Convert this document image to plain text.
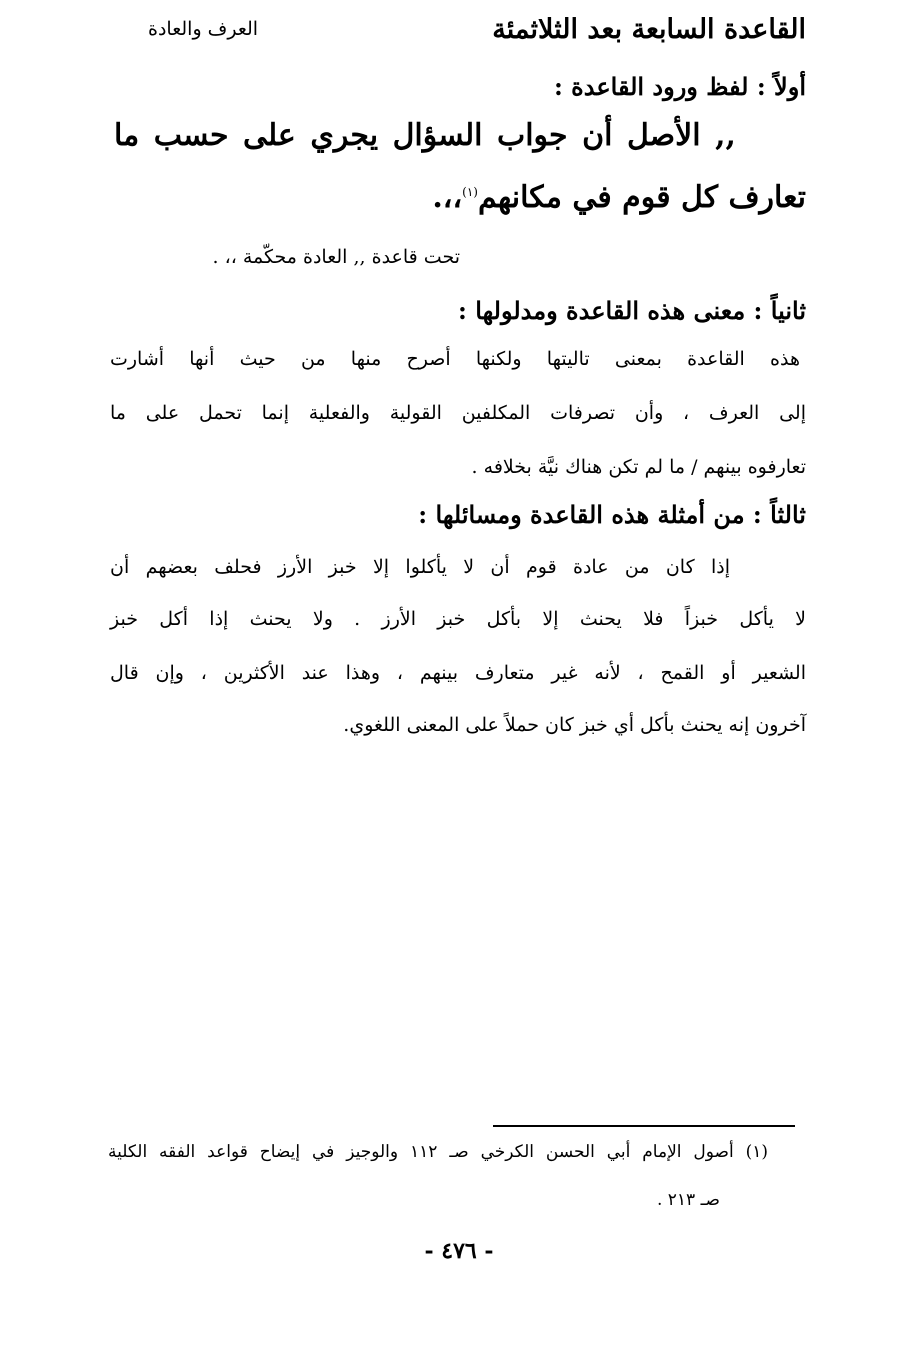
القاعدة السابعة بعد الثلاثمئة
العرف والعادة
أولاً : لفظ ورود القاعدة :
,, الأصل أن جواب السؤال يجري على حسب ما
تعارف كل قوم في مكانهم$^{(١)}$،،.
تحت قاعدة ,, العادة محكّمة ،، .
ثانياً : معنى هذه القاعدة ومدلولها :
هذه القاعدة بمعنى تاليتها ولكنها أصرح منها من حيث أنها أشارت
إلى العرف ، وأن تصرفات المكلفين القولية والفعلية إنما تحمل على ما
تعارفوه بينهم / ما لم تكن هناك نيَّة بخلافه .
ثالثاً : من أمثلة هذه القاعدة ومسائلها :
إذا كان من عادة قوم أن لا يأكلوا إلا خبز الأرز فحلف بعضهم أن
لا يأكل خبزاً فلا يحنث إلا بأكل خبز الأرز . ولا يحنث إذا أكل خبز
الشعير أو القمح ، لأنه غير متعارف بينهم ، وهذا عند الأكثرين ، وإن قال
آخرون إنه يحنث بأكل أي خبز كان حملاً على المعنى اللغوي.
(١) أصول الإمام أبي الحسن الكرخي صـ ١١٢ والوجيز في إيضاح قواعد الفقه الكلية
صـ ٢١٣ .
- ٤٧٦ -
